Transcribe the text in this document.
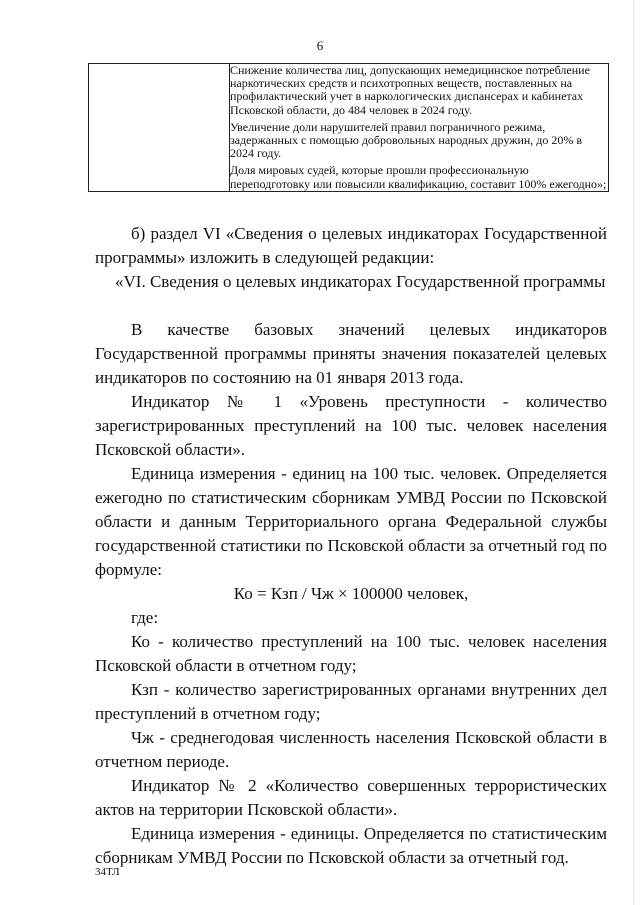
6

Снижение количества лиц, допускающих немедицинское потребление наркотических средств и психотропных веществ, поставленных на профилактический учет в наркологических диспансерах и кабинетах Псковской области, до 484 человек в 2024 году.

Увеличение доли нарушителей правил пограничного режима, задержанных с помощью добровольных народных дружин, до 20% в 2024 году.

Доля мировых судей, которые прошли профессиональную переподготовку или повысили квалификацию, составит 100% ежегодно»;

б) раздел VI «Сведения о целевых индикаторах Государственной программы» изложить в следующей редакции:

«VI. Сведения о целевых индикаторах Государственной программы

В качестве базовых значений целевых индикаторов Государственной программы приняты значения показателей целевых индикаторов по состоянию на 01 января 2013 года.

Индикатор № 1 «Уровень преступности - количество зарегистрированных преступлений на 100 тыс. человек населения Псковской области».

Единица измерения - единиц на 100 тыс. человек. Определяется ежегодно по статистическим сборникам УМВД России по Псковской области и данным Территориального органа Федеральной службы государственной статистики по Псковской области за отчетный год по формуле:

Ко = Кзп / Чж × 100000 человек,

где:

Ко - количество преступлений на 100 тыс. человек населения Псковской области в отчетном году;

Кзп - количество зарегистрированных органами внутренних дел преступлений в отчетном году;

Чж - среднегодовая численность населения Псковской области в отчетном периоде.

Индикатор № 2 «Количество совершенных террористических актов на территории Псковской области».

Единица измерения - единицы. Определяется по статистическим сборникам УМВД России по Псковской области за отчетный год.

34ТЛ
